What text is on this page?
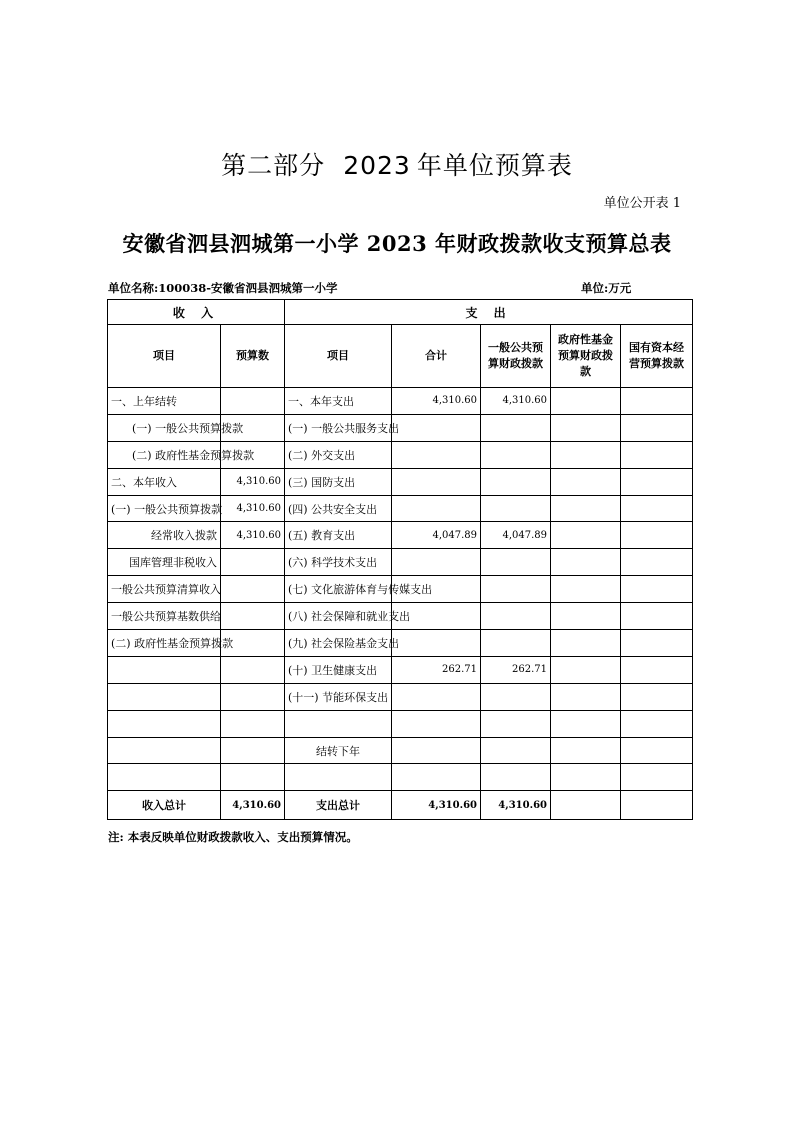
第二部分 2023 年单位预算表
单位公开表 1
安徽省泗县泗城第一小学 2023 年财政拨款收支预算总表
单位名称:100038-安徽省泗县泗城第一小学	单位:万元
收 入		支 出				
项目	预算数	项目	合计	一般公共预算财政拨款	政府性基金预算财政拨款	国有资本经营预算拨款
一、上年结转		一、本年支出	4,310.60	4,310.60		
(一) 一般公共预算拨款		(一) 一般公共服务支出				
(二) 政府性基金预算拨款		(二) 外交支出				
二、本年收入	4,310.60	(三) 国防支出				
(一) 一般公共预算拨款	4,310.60	(四) 公共安全支出				
经常收入拨款	4,310.60	(五) 教育支出	4,047.89	4,047.89		
国库管理非税收入		(六) 科学技术支出				
一般公共预算清算收入		(七) 文化旅游体育与传媒支出				
一般公共预算基数供给		(八) 社会保障和就业支出				
(二) 政府性基金预算拨款		(九) 社会保险基金支出				
		(十) 卫生健康支出	262.71	262.71		
		(十一) 节能环保支出				

		结转下年				

收入总计	4,310.60	支出总计	4,310.60	4,310.60		
注: 本表反映单位财政拨款收入、支出预算情况。
